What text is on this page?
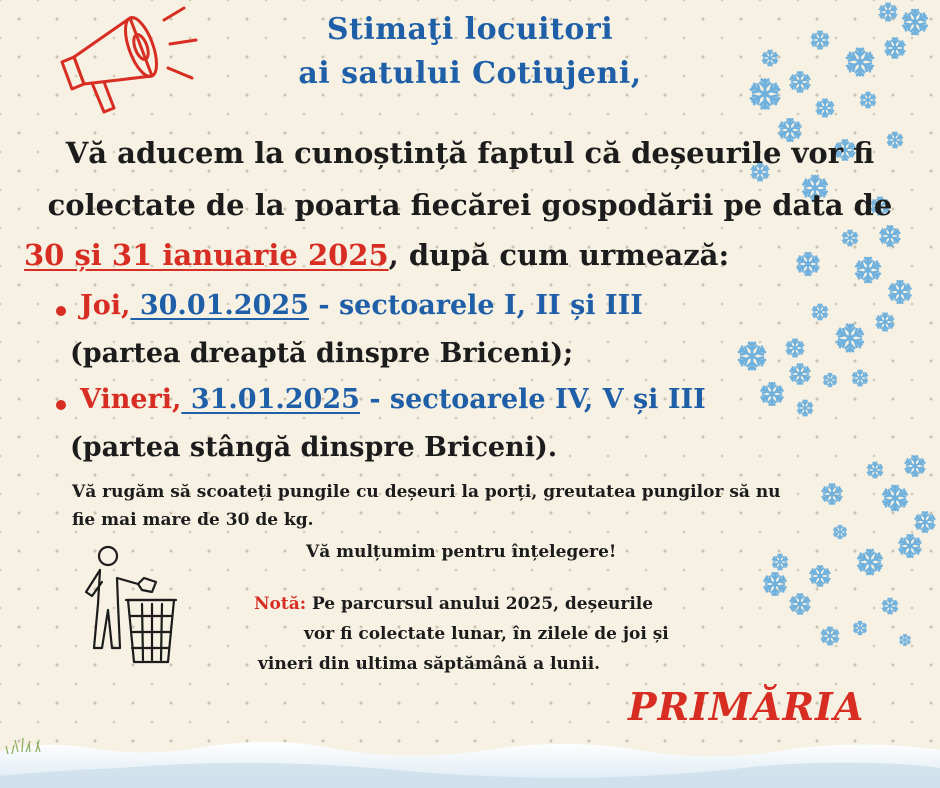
Stimaţi locuitori

ai satului Cotiujeni,

Vă aducem la cunoștință faptul că deșeurile vor fi

colectate de la poarta fiecărei gospodării pe data de

30 și 31 ianuarie 2025, după cum urmează:

Joi, 30.01.2025 - sectoarele I, II și III

(partea dreaptă dinspre Briceni);

Vineri, 31.01.2025 - sectoarele IV, V și III

(partea stângă dinspre Briceni).

Vă rugăm să scoateți pungile cu deșeuri la porți, greutatea pungilor să nu

fie mai mare de 30 de kg.

Vă mulțumim pentru înțelegere!

Notă: Pe parcursul anului 2025, deșeurile

vor fi colectate lunar, în zilele de joi și

vineri din ultima săptămână a lunii.

PRIMĂRIA
